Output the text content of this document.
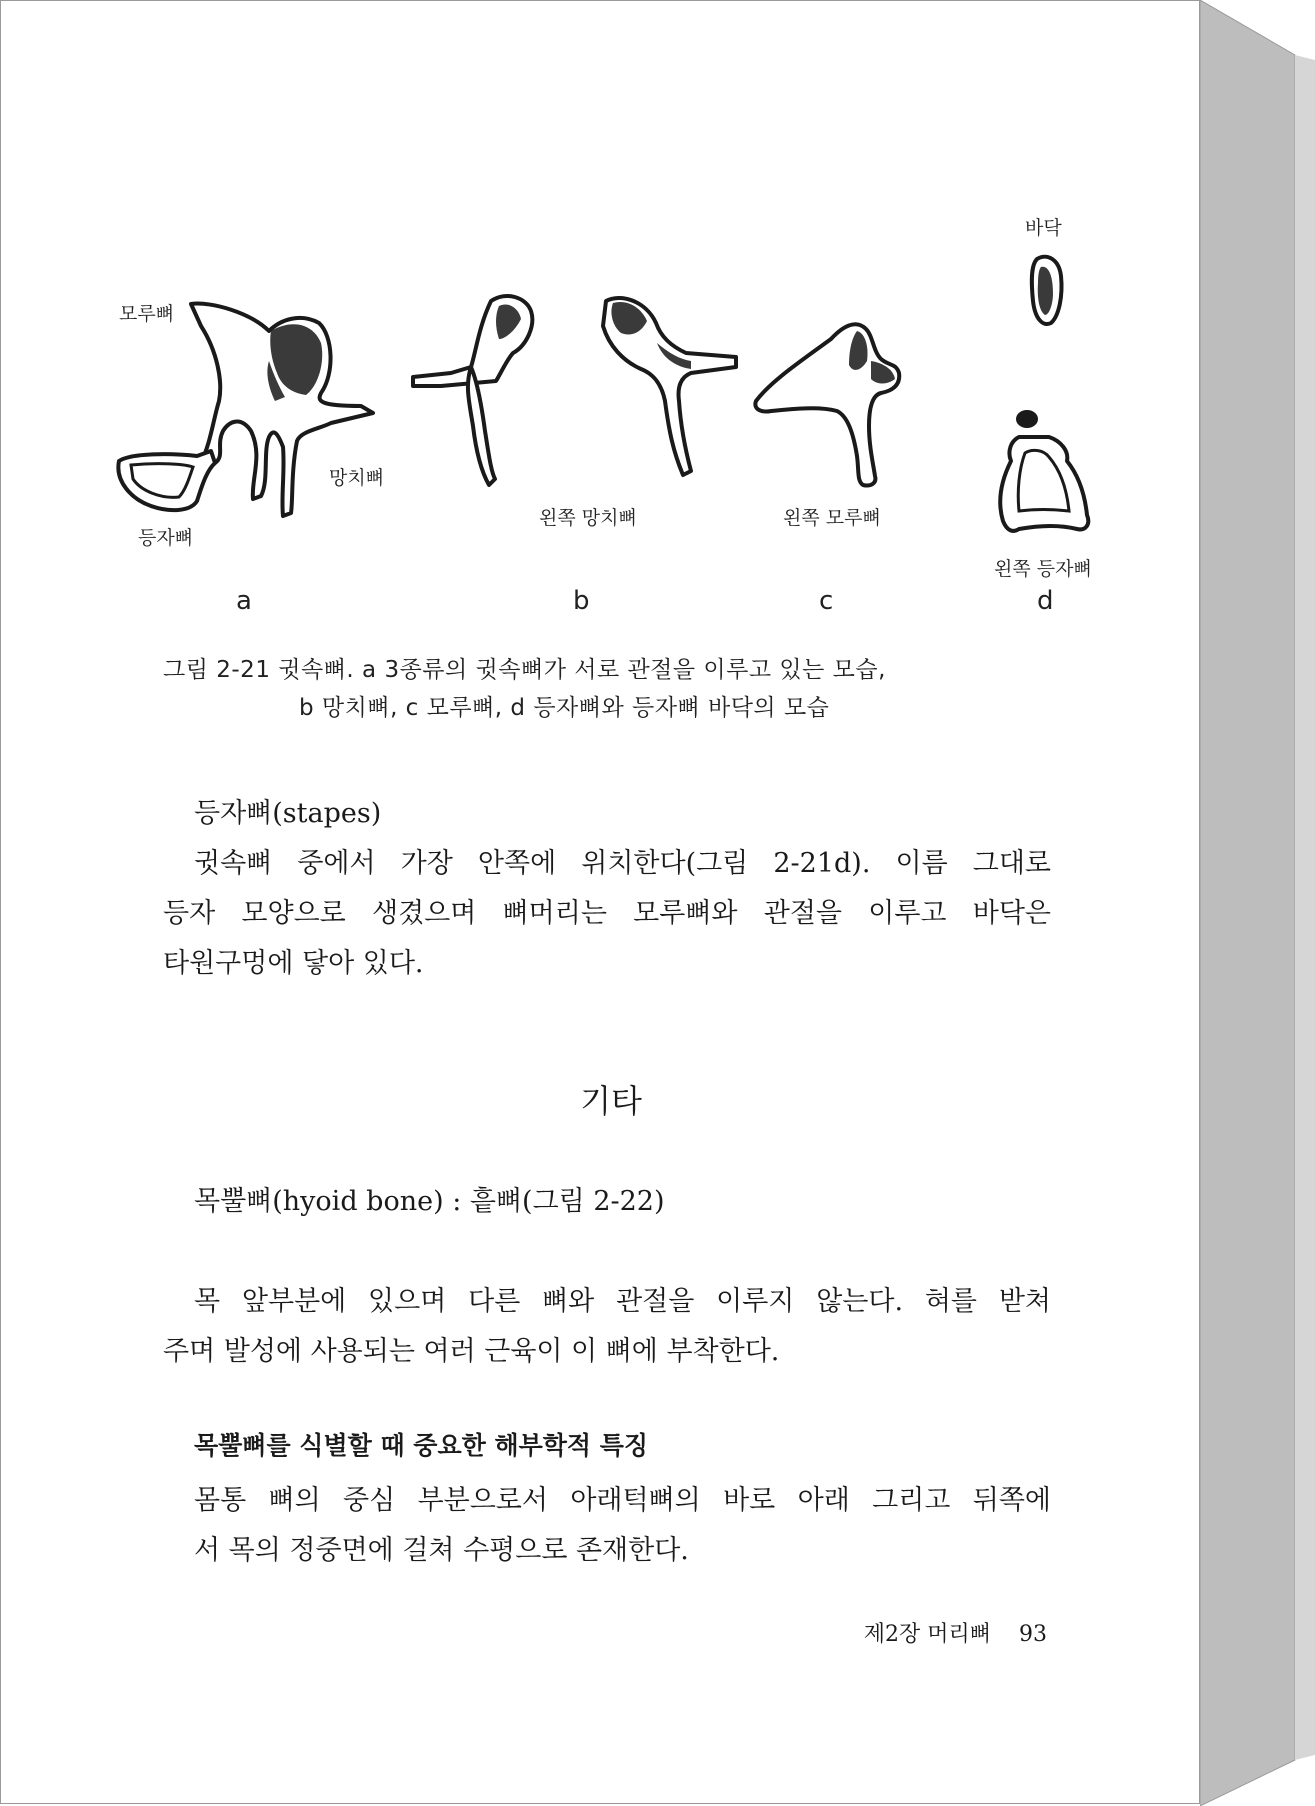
모루뼈
망치뼈
등자뼈
왼쪽 망치뼈	왼쪽 모루뼈
바닥
왼쪽 등자뼈
a	b	c	d
그림 2-21 귓속뼈. a 3종류의 귓속뼈가 서로 관절을 이루고 있는 모습,
b 망치뼈, c 모루뼈, d 등자뼈와 등자뼈 바닥의 모습
등자뼈(stapes)
귓속뼈 중에서 가장 안쪽에 위치한다(그림 2-21d). 이름 그대로
등자 모양으로 생겼으며 뼈머리는 모루뼈와 관절을 이루고 바닥은
타원구멍에 닿아 있다.
기타
목뿔뼈(hyoid bone) : 흩뼈(그림 2-22)
목 앞부분에 있으며 다른 뼈와 관절을 이루지 않는다. 혀를 받쳐
주며 발성에 사용되는 여러 근육이 이 뼈에 부착한다.
목뿔뼈를 식별할 때 중요한 해부학적 특징
몸통 뼈의 중심 부분으로서 아래턱뼈의 바로 아래 그리고 뒤쪽에
서 목의 정중면에 걸쳐 수평으로 존재한다.
제2장 머리뼈 93
